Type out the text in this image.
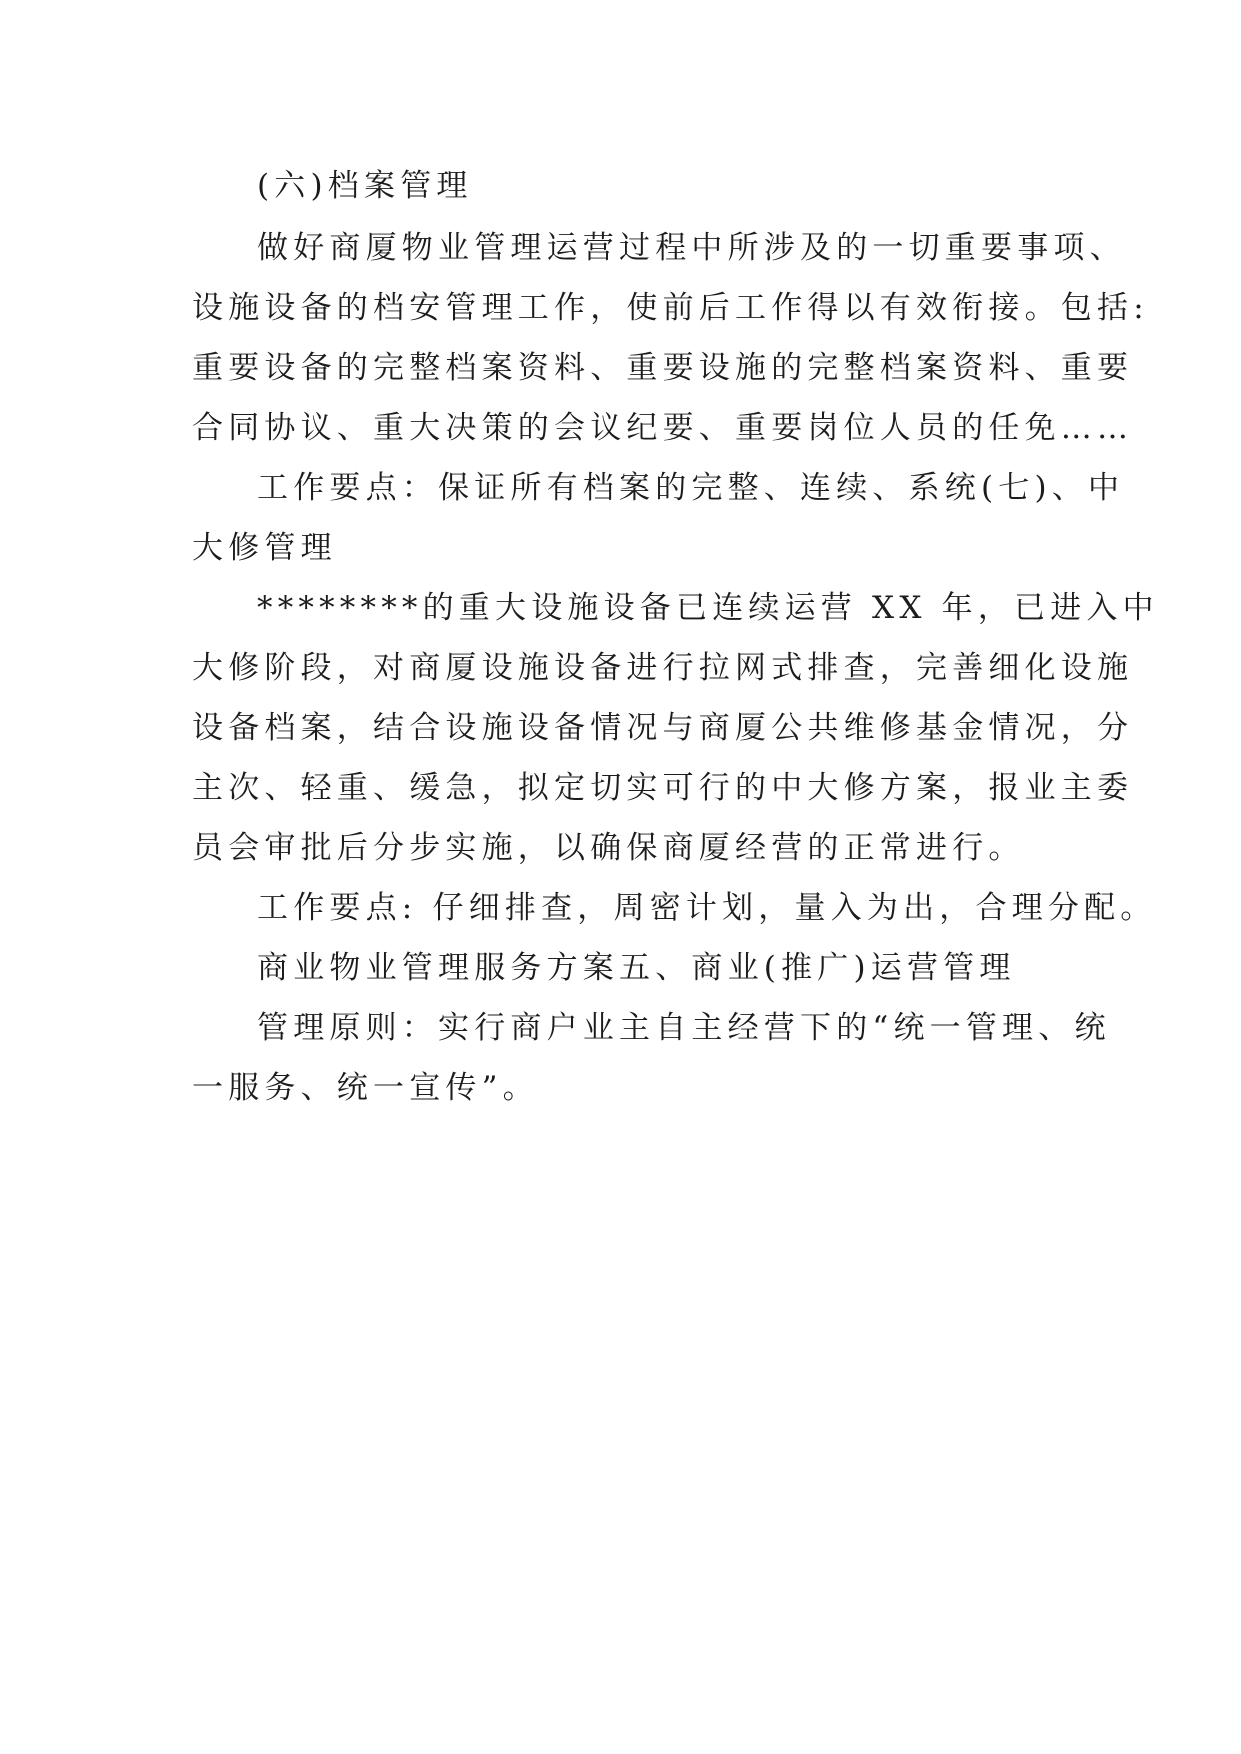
(六)档案管理
做好商厦物业管理运营过程中所涉及的一切重要事项、
设施设备的档安管理工作，使前后工作得以有效衔接。包括:
重要设备的完整档案资料、重要设施的完整档案资料、重要
合同协议、重大决策的会议纪要、重要岗位人员的任免……
工作要点：保证所有档案的完整、连续、系统(七)、中
大修管理
********的重大设施设备已连续运营 XX 年，已进入中
大修阶段，对商厦设施设备进行拉网式排查，完善细化设施
设备档案，结合设施设备情况与商厦公共维修基金情况，分
主次、轻重、缓急，拟定切实可行的中大修方案，报业主委
员会审批后分步实施，以确保商厦经营的正常进行。
工作要点: 仔细排查，周密计划，量入为出，合理分配。
商业物业管理服务方案五、商业(推广)运营管理
管理原则：实行商户业主自主经营下的“统一管理、统
一服务、统一宣传”。
